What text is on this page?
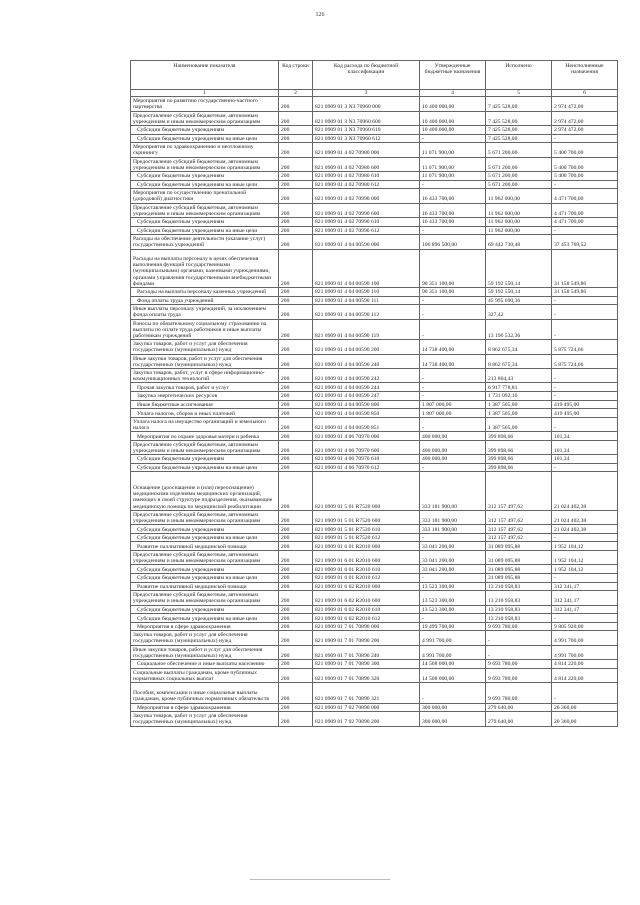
126
Наименование показателя	Код строки	Код расхода по бюджетной классификации	Утвержденные бюджетные назначения	Исполнено	Неисполненные назначения
1	2	3	4	5	6
Мероприятия по развитию государственно-частного партнерства	200	821 0909 01 3 N3 70960 000	10 400 000,00	7 425 528,00	2 974 472,00
Предоставление субсидий бюджетным, автономным учреждениям и иным некоммерческим организациям	200	821 0909 01 3 N3 70960 600	10 400 000,00	7 425 528,00	2 974 472,00
Субсидии бюджетным учреждениям	200	821 0909 01 3 N3 70960 610	10 400 000,00	7 425 528,00	2 974 472,00
Субсидии бюджетным учреждениям на иные цели	200	821 0909 01 3 N3 70960 612	-	7 425 528,00	-
Мероприятия по здравоохранению и неотложному скринингу	200	821 0909 01 4 02 70980 000	11 071 900,00	5 671 200,00	5 400 700,00
Предоставление субсидий бюджетным, автономным учреждениям и иным некоммерческим организациям	200	821 0909 01 4 02 70980 600	11 071 900,00	5 671 200,00	5 400 700,00
Субсидии бюджетным учреждениям	200	821 0909 01 4 02 70980 610	11 071 900,00	5 671 200,00	5 400 700,00
Субсидии бюджетным учреждениям на иные цели	200	821 0909 01 4 02 70980 612	-	5 671 200,00	-
Мероприятия по осуществлению пренатальной (дородовой) диагностики	200	821 0909 01 4 02 70990 000	16 433 700,00	11 962 000,00	4 471 700,00
Предоставление субсидий бюджетным, автономным учреждениям и иным некоммерческим организациям	200	821 0909 01 4 02 70990 600	16 433 700,00	11 962 000,00	4 471 700,00
Субсидии бюджетным учреждениям	200	821 0909 01 4 02 70990 610	16 433 700,00	11 962 000,00	4 471 700,00
Субсидии бюджетным учреждениям на иные цели	200	821 0909 01 4 02 70990 612	-	11 962 000,00	-
Расходы на обеспечение деятельности (оказание услуг) государственных учреждений	200	821 0909 01 4 04 00590 000	106 896 500,00	69 442 730,48	37 453 769,52
Расходы на выплаты персоналу в целях обеспечения выполнения функций государственными (муниципальными) органами, казенными учреждениями, органами управления государственными внебюджетными фондами	200	821 0909 01 4 04 00590 100	90 351 100,00	59 192 550,14	31 158 549,86
Расходы на выплаты персоналу казенных учреждений	200	821 0909 01 4 04 00590 110	90 351 100,00	59 192 550,14	31 158 549,86
Фонд оплаты труда учреждений	200	821 0909 01 4 04 00590 111	-	45 995 690,36	-
Иные выплаты персоналу учреждений, за исключением фонда оплаты труда	200	821 0909 01 4 04 00590 112	-	327,42	-
Взносы по обязательному социальному страхованию на выплаты по оплате труда работников и иные выплаты работникам учреждений	200	821 0909 01 4 04 00590 119	-	13 196 532,36	-
Закупка товаров, работ и услуг для обеспечения государственных (муниципальных) нужд	200	821 0909 01 4 04 00590 200	14 738 400,00	8 862 675,34	5 875 724,66
Иные закупки товаров, работ и услуг для обеспечения государственных (муниципальных) нужд	200	821 0909 01 4 04 00590 240	14 738 400,00	8 862 675,34	5 875 724,66
Закупка товаров, работ, услуг в сфере информационно-коммуникационных технологий	200	821 0909 01 4 04 00590 242	-	213 804,43	-
Прочая закупка товаров, работ и услуг	200	821 0909 01 4 04 00590 244	-	6 917 778,81	-
Закупка энергетических ресурсов	200	821 0909 01 4 04 00590 247	-	1 731 092,10	-
Иные бюджетные ассигнования	200	821 0909 01 4 04 00590 800	1 807 000,00	1 387 505,00	419 495,00
Уплата налогов, сборов и иных платежей	200	821 0909 01 4 04 00590 850	1 807 000,00	1 387 505,00	419 495,00
Уплата налога на имущество организаций и земельного налога	200	821 0909 01 4 04 00590 851	-	1 387 505,00	-
Мероприятия по охране здоровья матери и ребенка	200	821 0909 01 4 06 70970 000	400 000,00	399 898,66	101,34
Предоставление субсидий бюджетным, автономным учреждениям и иным некоммерческим организациям	200	821 0909 01 4 06 70970 600	400 000,00	399 898,66	101,34
Субсидии бюджетным учреждениям	200	821 0909 01 4 06 70970 610	400 000,00	399 898,66	101,34
Субсидии бюджетным учреждениям на иные цели	200	821 0909 01 4 06 70970 612	-	399 898,66	-
Оснащение (дооснащение и (или) переоснащение) медицинскими изделиями медицинских организаций, имеющих в своей структуре подразделения, оказывающие медицинскую помощь по медицинской реабилитации	200	821 0909 01 5 01 R7520 000	333 181 900,00	312 157 497,62	21 024 402,38
Предоставление субсидий бюджетным, автономным учреждениям и иным некоммерческим организациям	200	821 0909 01 5 01 R7520 600	333 181 900,00	312 157 497,62	21 024 402,38
Субсидии бюджетным учреждениям	200	821 0909 01 5 01 R7520 610	333 181 900,00	312 157 497,62	21 024 402,38
Субсидии бюджетным учреждениям на иные цели	200	821 0909 01 5 01 R7520 612	-	312 157 497,62	-
Развитие паллиативной медицинской помощи	200	821 0909 01 6 01 R2010 000	33 041 200,00	31 089 095,88	1 952 104,12
Предоставление субсидий бюджетным, автономным учреждениям и иным некоммерческим организациям	200	821 0909 01 6 01 R2010 600	33 041 200,00	31 089 095,88	1 952 104,12
Субсидии бюджетным учреждениям	200	821 0909 01 6 01 R2010 610	33 041 200,00	31 089 095,88	1 952 104,12
Субсидии бюджетным учреждениям на иные цели	200	821 0909 01 6 01 R2010 612	-	31 089 095,88	-
Развитие паллиативной медицинской помощи	200	821 0909 01 6 02 R2010 000	13 523 300,00	13 210 958,83	312 341,17
Предоставление субсидий бюджетным, автономным учреждениям и иным некоммерческим организациям	200	821 0909 01 6 02 R2010 600	13 523 300,00	13 210 958,83	312 341,17
Субсидии бюджетным учреждениям	200	821 0909 01 6 02 R2010 610	13 523 300,00	13 210 958,83	312 341,17
Субсидии бюджетным учреждениям на иные цели	200	821 0909 01 6 02 R2010 612	-	13 210 958,83	-
Мероприятия в сфере здравоохранения	200	821 0909 01 7 01 70890 000	19 499 700,00	9 693 780,00	9 805 920,00
Закупка товаров, работ и услуг для обеспечения государственных (муниципальных) нужд	200	821 0909 01 7 01 70890 200	4 991 700,00	-	4 991 700,00
Иные закупки товаров, работ и услуг для обеспечения государственных (муниципальных) нужд	200	821 0909 01 7 01 70890 240	4 991 700,00	-	4 991 700,00
Социальное обеспечение и иные выплаты населению	200	821 0909 01 7 01 70890 300	14 508 000,00	9 693 780,00	4 814 220,00
Социальные выплаты гражданам, кроме публичных нормативных социальных выплат	200	821 0909 01 7 01 70890 320	14 508 000,00	9 693 780,00	4 814 220,00
Пособия, компенсации и иные социальные выплаты гражданам, кроме публичных нормативных обязательств	200	821 0909 01 7 01 70890 321	-	9 693 780,00	-
Мероприятия в сфере здравоохранения	200	821 0909 01 7 02 70890 000	300 000,00	279 640,00	20 360,00
Закупка товаров, работ и услуг для обеспечения государственных (муниципальных) нужд	200	821 0909 01 7 02 70890 200	300 000,00	279 640,00	20 360,00
